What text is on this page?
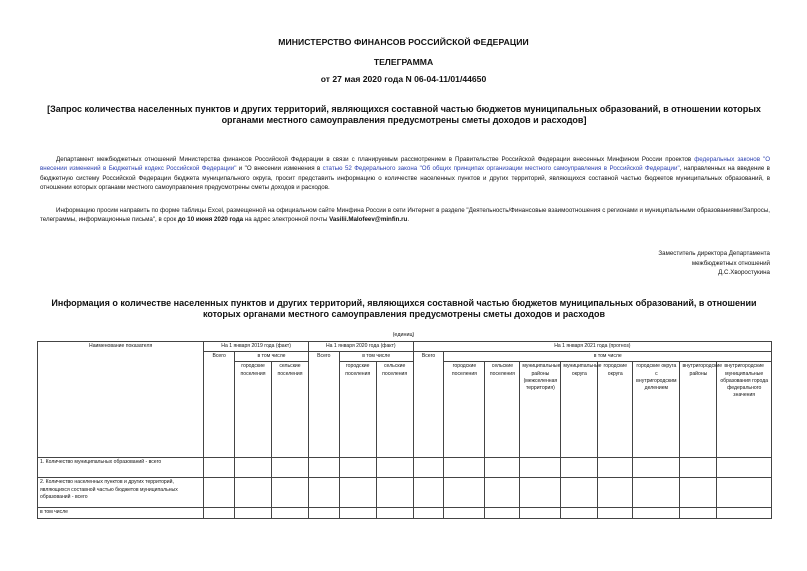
МИНИСТЕРСТВО ФИНАНСОВ РОССИЙСКОЙ ФЕДЕРАЦИИ
ТЕЛЕГРАММА
от 27 мая 2020 года N 06-04-11/01/44650
[Запрос количества населенных пунктов и других территорий, являющихся составной частью бюджетов муниципальных образований, в отношении которых органами местного самоуправления предусмотрены сметы доходов и расходов]
Департамент межбюджетных отношений Министерства финансов Российской Федерации в связи с планируемым рассмотрением в Правительстве Российской Федерации внесенных Минфином России проектов федеральных законов "О внесении изменений в Бюджетный кодекс Российской Федерации" и "О внесении изменения в статью 52 Федерального закона "Об общих принципах организации местного самоуправления в Российской Федерации", направленных на введение в бюджетную систему Российской Федерации бюджета муниципального округа, просит представить информацию о количестве населенных пунктов и других территорий, являющихся составной частью бюджетов муниципальных образований, в отношении которых органами местного самоуправления предусмотрены сметы доходов и расходов.
Информацию просим направить по форме таблицы Excel, размещенной на официальном сайте Минфина России в сети Интернет в разделе "Деятельность/Финансовые взаимоотношения с регионами и муниципальными образованиями/Запросы, телеграммы, информационные письма", в срок до 10 июня 2020 года на адрес электронной почты Vasilii.Malofeev@minfin.ru.
Заместитель директора Департамента
межбюджетных отношений
Д.С.Хворостукина
Информация о количестве населенных пунктов и других территорий, являющихся составной частью бюджетов муниципальных образований, в отношении которых органами местного самоуправления предусмотрены сметы доходов и расходов
(единиц)
Наименование показателя	На 1 января 2019 года (факт)			На 1 января 2020 года (факт)			На 1 января 2021 года (прогноз)								
	Всего	в том числе		Всего	в том числе		Всего	в том числе							
		городские поселения	сельские поселения		городские поселения	сельские поселения		городские поселения	сельские поселения	муниципальные районы (межселенная территория)	муниципальные округа	городские округа	городские округа с внутригородским делением	внутригородские районы	внутригородские муниципальные образования города федерального значения
1. Количество муниципальных образований - всего															
2. Количество населенных пунктов и других территорий, являющихся составной частью бюджетов муниципальных образований - всего															
в том числе															
